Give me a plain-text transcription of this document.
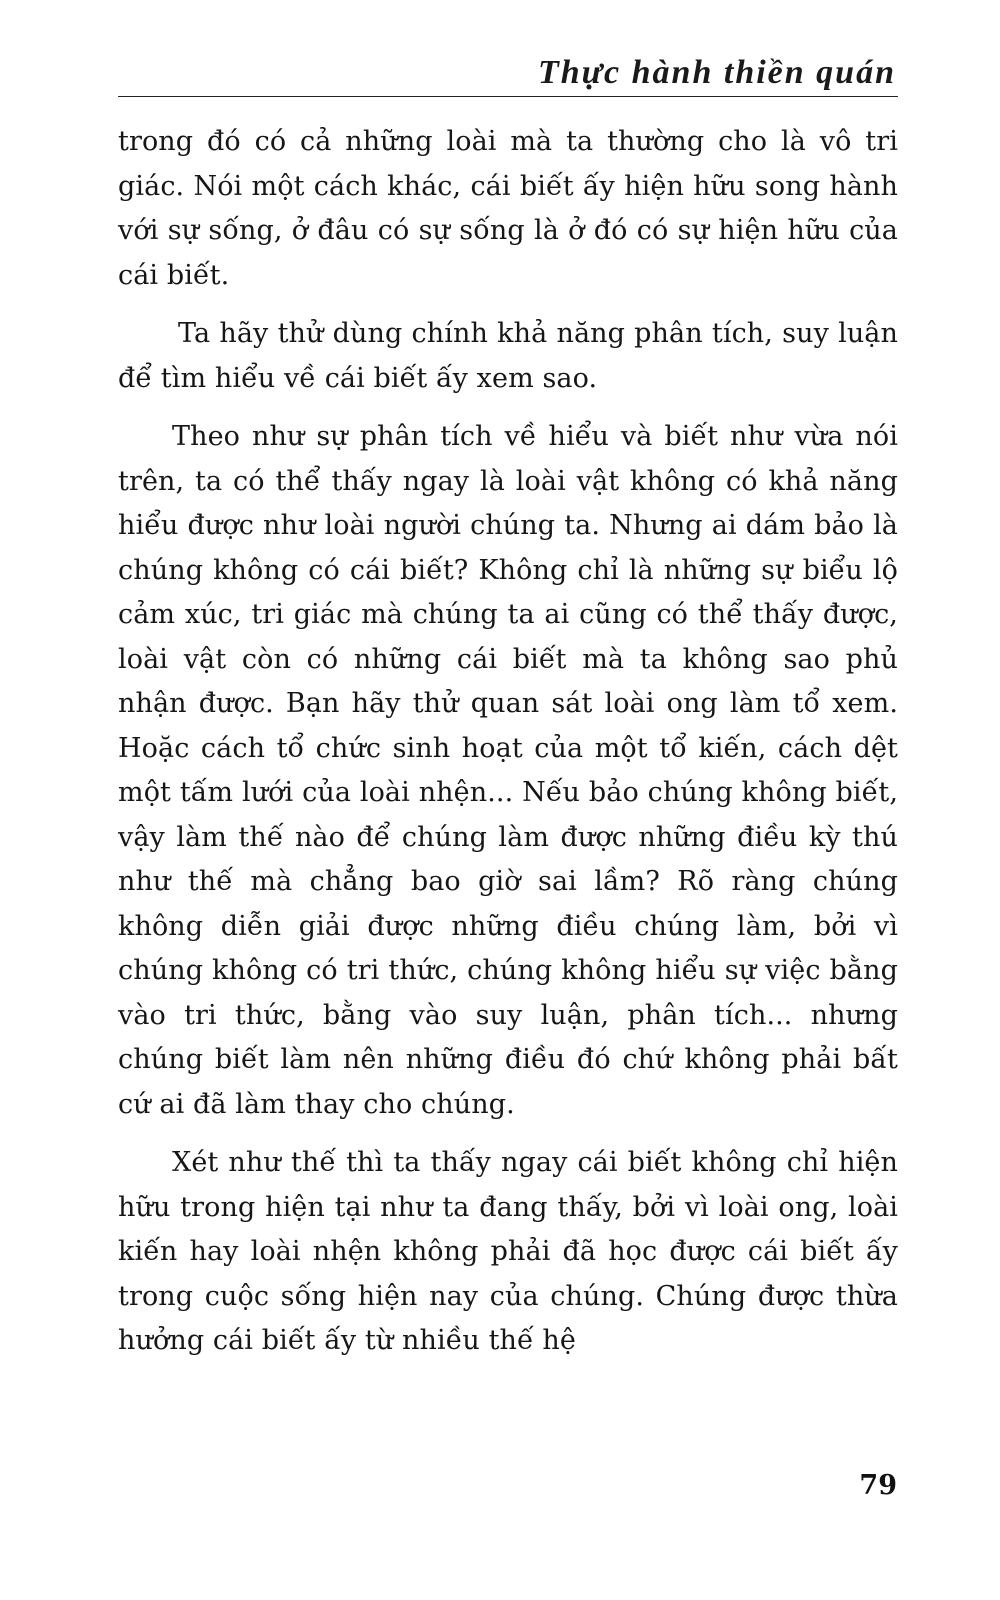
Thực hành thiền quán

trong đó có cả những loài mà ta thường cho là vô tri giác. Nói một cách khác, cái biết ấy hiện hữu song hành với sự sống, ở đâu có sự sống là ở đó có sự hiện hữu của cái biết.

Ta hãy thử dùng chính khả năng phân tích, suy luận để tìm hiểu về cái biết ấy xem sao.

Theo như sự phân tích về hiểu và biết như vừa nói trên, ta có thể thấy ngay là loài vật không có khả năng hiểu được như loài người chúng ta. Nhưng ai dám bảo là chúng không có cái biết? Không chỉ là những sự biểu lộ cảm xúc, tri giác mà chúng ta ai cũng có thể thấy được, loài vật còn có những cái biết mà ta không sao phủ nhận được. Bạn hãy thử quan sát loài ong làm tổ xem. Hoặc cách tổ chức sinh hoạt của một tổ kiến, cách dệt một tấm lưới của loài nhện... Nếu bảo chúng không biết, vậy làm thế nào để chúng làm được những điều kỳ thú như thế mà chẳng bao giờ sai lầm? Rõ ràng chúng không diễn giải được những điều chúng làm, bởi vì chúng không có tri thức, chúng không hiểu sự việc bằng vào tri thức, bằng vào suy luận, phân tích... nhưng chúng biết làm nên những điều đó chứ không phải bất cứ ai đã làm thay cho chúng.

Xét như thế thì ta thấy ngay cái biết không chỉ hiện hữu trong hiện tại như ta đang thấy, bởi vì loài ong, loài kiến hay loài nhện không phải đã học được cái biết ấy trong cuộc sống hiện nay của chúng. Chúng được thừa hưởng cái biết ấy từ nhiều thế hệ

79
